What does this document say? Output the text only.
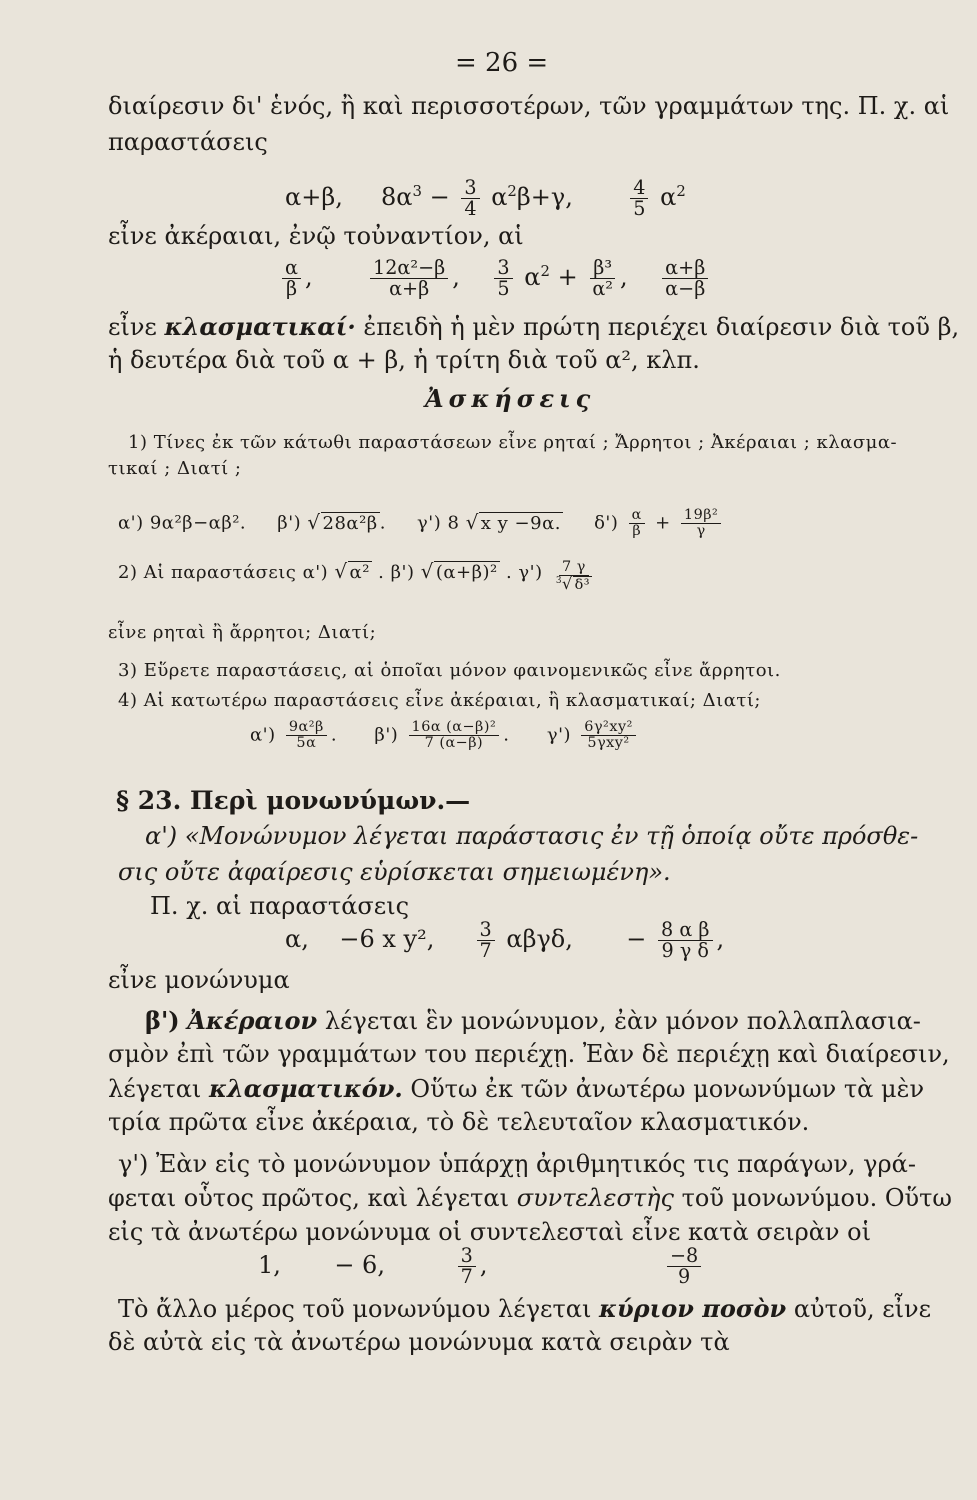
= 26 =
διαίρεσιν δι' ἑνός, ἢ καὶ περισσοτέρων, τῶν γραμμάτων της. Π. χ. αἱ
παραστάσεις
α+β, $8\alpha^3 - \frac{3}{4} \alpha^2\beta+\gamma$,	$\frac{4}{5} \alpha^2$
εἶνε ἀκέραιαι, ἐνῷ τοὐναντίον, αἱ
$\frac{\alpha}{\beta}$ ,	$\frac{\text{12α²−β}}{\alpha+\beta}$ , $\frac{3}{5} \alpha^2 + \frac{\text{β³}}{\text{α²}}$ , $\frac{\alpha+\beta}{\alpha-\beta}$
εἶνε κλασματικαί· ἐπειδὴ ἡ μὲν πρώτη περιέχει διαίρεσιν διὰ τοῦ β,
ἡ δευτέρα διὰ τοῦ α + β, ἡ τρίτη διὰ τοῦ α², κλπ.
Ἀσκήσεις
1) Τίνες ἐκ τῶν κάτωθι παραστάσεων εἶνε ρηταί ; Ἄρρητοι ; Ἀκέραιαι ; κλασμα-
τικαί ; Διατί ;
α') 9α²β−αβ². β') √ 28α²β . γ') 8 √ x y −9α. $\delta') \frac{\alpha}{\beta} + \frac{\text{19β²}}{\gamma}$
2) Αἱ παραστάσεις α') √ α² . β') √ (α+β)² . $\gamma') \frac{7 \gamma}{^3√ \delta^3}$
εἶνε ρηταὶ ἢ ἄρρητοι; Διατί;
3) Εὕρετε παραστάσεις, αἱ ὁποῖαι μόνον φαινομενικῶς εἶνε ἄρρητοι.
4) Αἱ κατωτέρω παραστάσεις εἶνε ἀκέραιαι, ἢ κλασματικαί; Διατί;
$\alpha') \frac{\text{9α²β}}{5\alpha}$ . $\beta') \frac{\text{16α (α−β)²}}{7 (\alpha-\beta)}$ . γ') 6γ²xy²
5γxy²
§ 23. Περὶ μονωνύμων.—
α') «Μονώνυμον λέγεται παράστασις ἐν τῇ ὁποίᾳ οὔτε πρόσθε-
σις οὔτε ἀφαίρεσις εὑρίσκεται σημειωμένη».
Π. χ. αἱ παραστάσεις
α, −6 x y², $\frac{3}{7} \alpha\beta\gamma\delta$, − $\frac{\text{8 α β}}{\text{9 γ δ}}$ ,
εἶνε μονώνυμα
β') Ἀκέραιον λέγεται ἓν μονώνυμον, ἐὰν μόνον πολλαπλασια-
σμὸν ἐπὶ τῶν γραμμάτων του περιέχῃ. Ἐὰν δὲ περιέχῃ καὶ διαίρεσιν,
λέγεται κλασματικόν. Οὕτω ἐκ τῶν ἀνωτέρω μονωνύμων τὰ μὲν
τρία πρῶτα εἶνε ἀκέραια, τὸ δὲ τελευταῖον κλασματικόν.
γ') Ἐὰν εἰς τὸ μονώνυμον ὑπάρχῃ ἀριθμητικός τις παράγων, γρά-
φεται οὗτος πρῶτος, καὶ λέγεται συντελεστὴς τοῦ μονωνύμου. Οὕτω
εἰς τὰ ἀνωτέρω μονώνυμα οἱ συντελεσταὶ εἶνε κατὰ σειρὰν οἱ
1, − 6,	$\frac{3}{7}$ ,	$\frac{-8}{9}$
Τὸ ἄλλο μέρος τοῦ μονωνύμου λέγεται κύριον ποσὸν αὐτοῦ, εἶνε
δὲ αὐτὰ εἰς τὰ ἀνωτέρω μονώνυμα κατὰ σειρὰν τὰ
